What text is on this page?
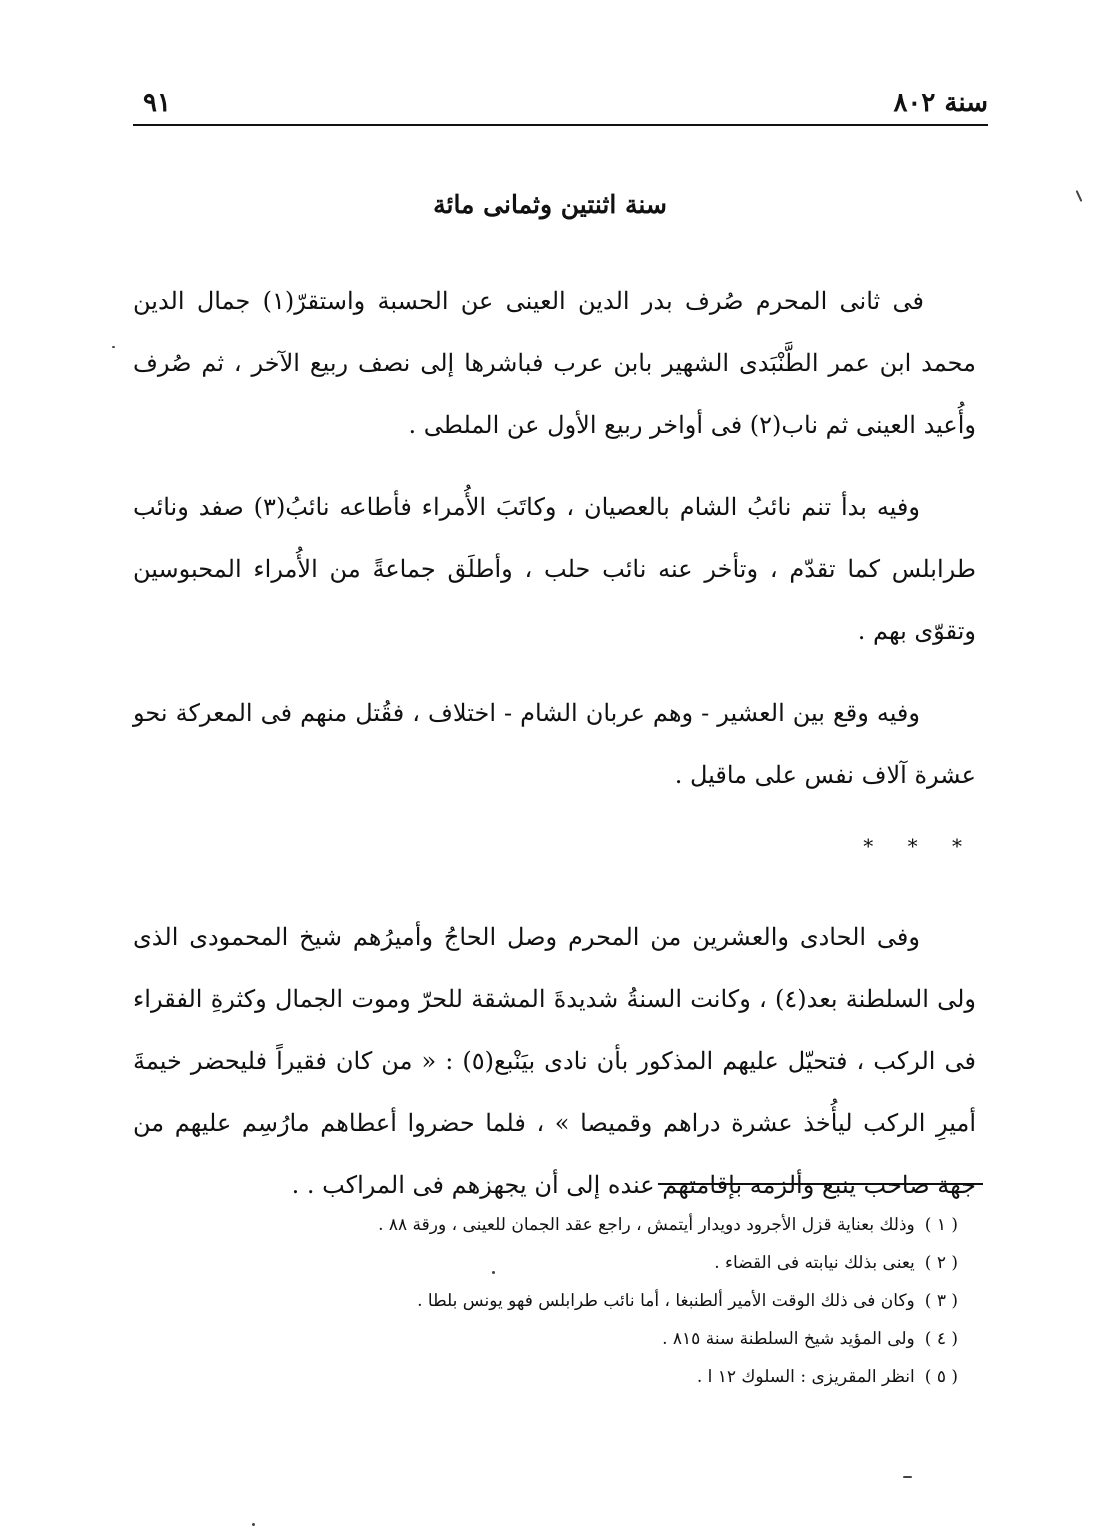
سنة ٨٠٢
٩١
سنة اثنتين وثمانى مائة

فى ثانى المحرم صُرف بدر الدين العينى عن الحسبة واستقرّ(١) جمال الدين محمد ابن عمر الطَّنْبَدى الشهير بابن عرب فباشرها إلى نصف ربيع الآخر ، ثم صُرف وأُعيد العينى ثم ناب(٢) فى أواخر ربيع الأول عن الملطى .

وفيه بدأ تنم نائبُ الشام بالعصيان ، وكاتَبَ الأُمراء فأطاعه نائبُ(٣) صفد ونائب طرابلس كما تقدّم ، وتأخر عنه نائب حلب ، وأطلَق جماعةً من الأُمراء المحبوسين وتقوّى بهم .

وفيه وقع بين العشير - وهم عربان الشام - اختلاف ، فقُتل منهم فى المعركة نحو عشرة آلاف نفس على ماقيل .

* * *

وفى الحادى والعشرين من المحرم وصل الحاجُ وأميرُهم شيخ المحمودى الذى ولى السلطنة بعد(٤) ، وكانت السنةُ شديدةَ المشقة للحرّ وموت الجمال وكثرةِ الفقراء فى الركب ، فتحيّل عليهم المذكور بأن نادى بيَنْبع(٥) : « من كان فقيراً فليحضر خيمةَ أميرِ الركب ليأُخذ عشرة دراهم وقميصا » ، فلما حضروا أعطاهم مارُسِم عليهم من جهة صاحب ينبع وألزمه بإقامتهم عنده إلى أن يجهزهم فى المراكب . .

( ١ )وذلك بعناية قزل الأجرود دويدار أيتمش ، راجع عقد الجمان للعينى ، ورقة ٨٨ .
( ٢ )يعنى بذلك نيابته فى القضاء .
( ٣ )وكان فى ذلك الوقت الأمير ألطنبغا ، أما نائب طرابلس فهو يونس بلطا .
( ٤ )ولى المؤيد شيخ السلطنة سنة ٨١٥ .
( ٥ )انظر المقريزى : السلوك ١٢ ا .
